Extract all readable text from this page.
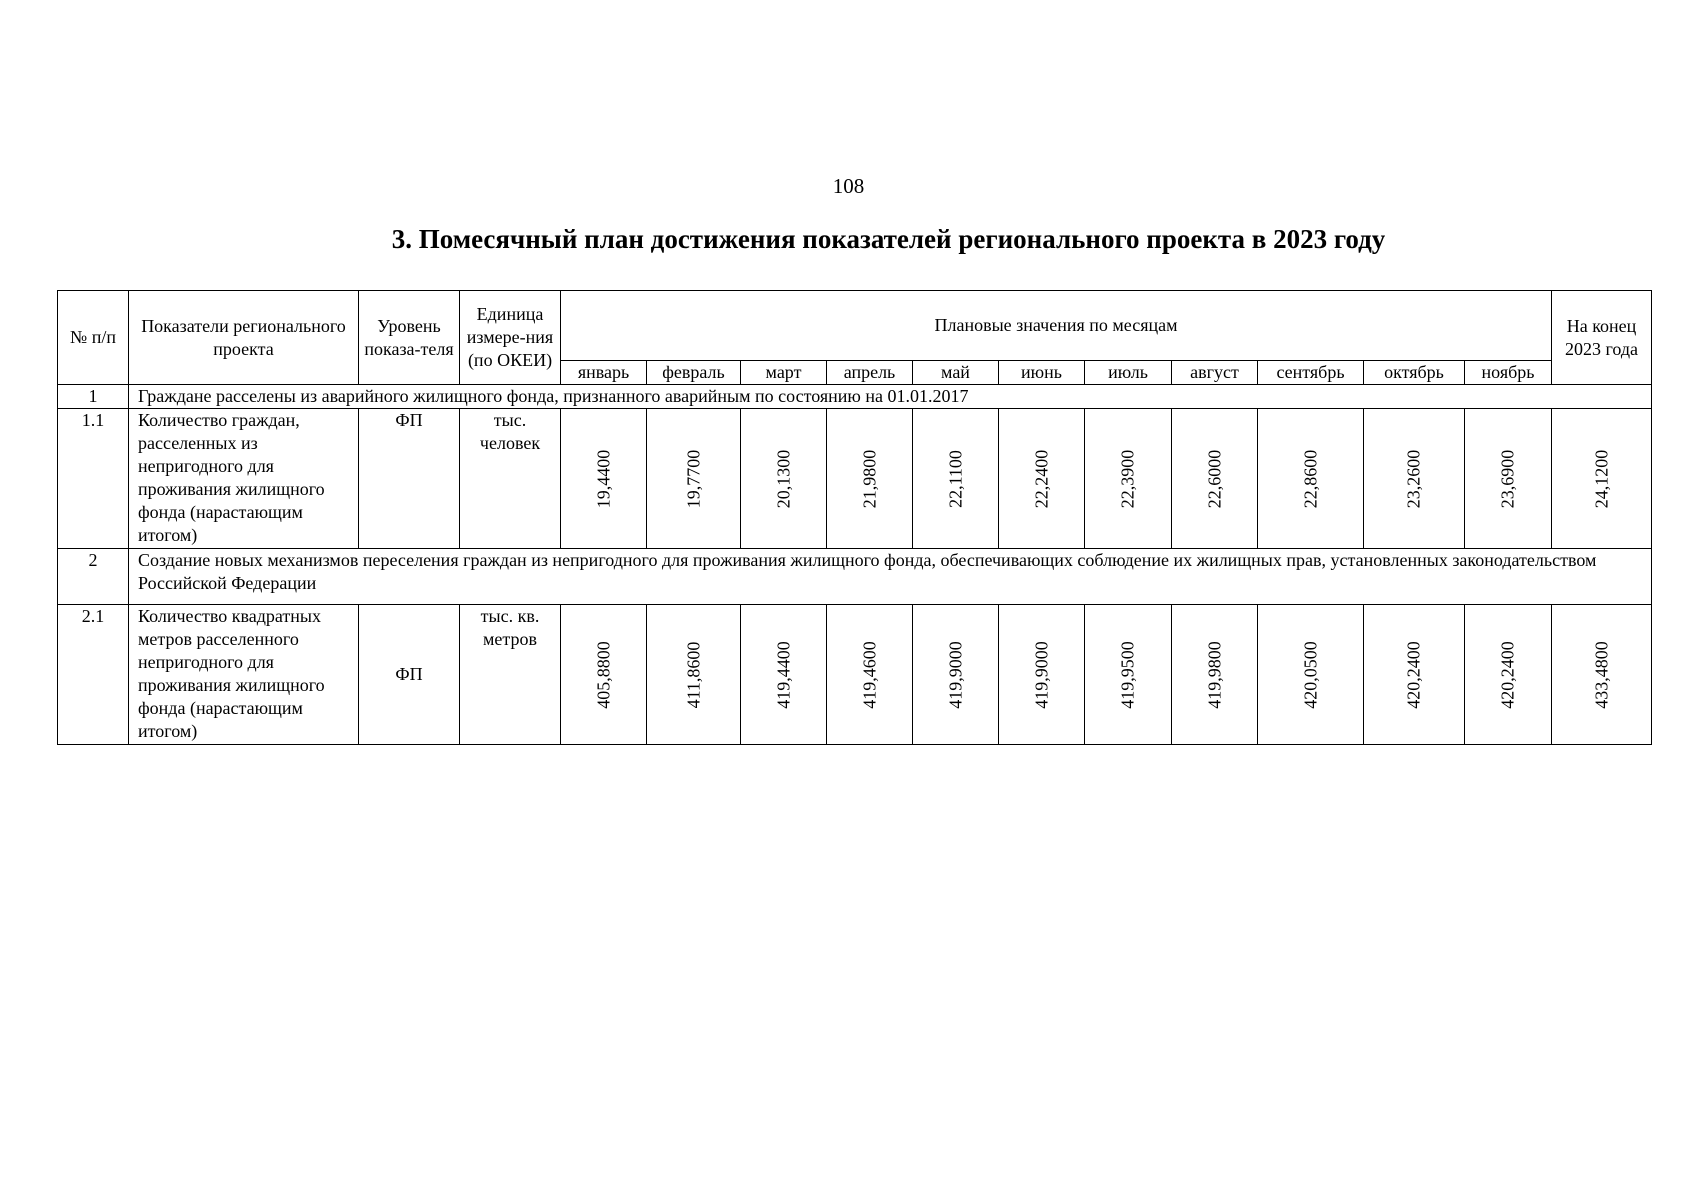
108
3. Помесячный план достижения показателей регионального проекта в 2023 году
№ п/п	Показатели регионального проекта	Уровень показа-теля	Единица измере-ния (по ОКЕИ)	Плановые значения по месяцам											На конец 2023 года
				январь	февраль	март	апрель	май	июнь	июль	август	сентябрь	октябрь	ноябрь	
1	Граждане расселены из аварийного жилищного фонда, признанного аварийным по состоянию на 01.01.2017														
1.1	Количество граждан, расселенных из непригодного для проживания жилищного фонда (нарастающим итогом)	ФП	тыс. человек	19,4400	19,7700	20,1300	21,9800	22,1100	22,2400	22,3900	22,6000	22,8600	23,2600	23,6900	24,1200

2	Создание новых механизмов переселения граждан из непригодного для проживания жилищного фонда, обеспечивающих соблюдение их жилищных прав, установленных законодательством Российской Федерации														
2.1	Количество квадратных метров расселенного непригодного для проживания жилищного фонда (нарастающим итогом)	ФП	тыс. кв. метров	405,8800	411,8600	419,4400	419,4600	419,9000	419,9000	419,9500	419,9800	420,0500	420,2400	420,2400	433,4800
